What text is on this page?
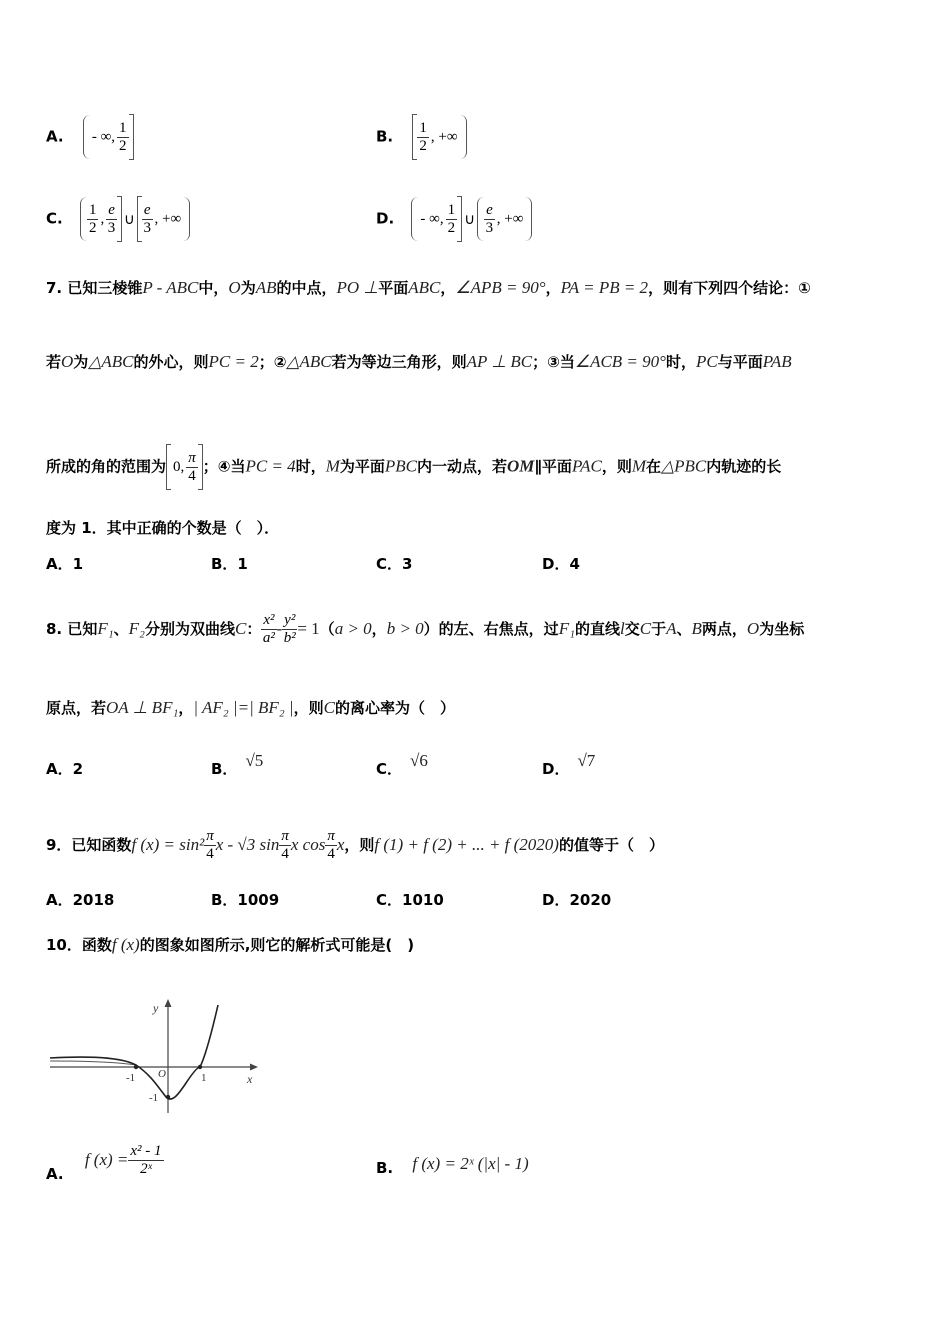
A. - ∞, $\frac{1}{2}$	B. $\frac{1}{2}$ , +∞
C. $\frac{1}{2}$ , $\frac{e}{3}$ ∪ $\frac{e}{3}$ , +∞	D. - ∞, $\frac{1}{2}$ ∪ $\frac{e}{3}$ , +∞
7. 已知三棱锥P - ABC中，O为AB的中点，PO ⊥平面ABC，∠APB = 90°，PA = PB = 2，则有下列四个结论：①
若O为△ABC的外心，则PC = 2；②△ABC若为等边三角形，则AP ⊥ BC；③当∠ACB = 90°时，PC与平面PAB
所成的角的范围为 0, $\frac{\pi}{4}$ ；④当PC = 4时，M为平面PBC内一动点，若OM∥平面PAC，则M在△PBC内轨迹的长
度为 1．其中正确的个数是（　）．
A．1	B．1	C．3	D．4
8. 已知F₁、F₂分别为双曲线C： $\frac{\text{x²}}{\text{a²}} - \frac{\text{y²}}{\text{b²}} = 1(a > 0$，b > 0）的左、右焦点，过F₁的直线l交C于A、B两点，O为坐标
原点，若OA ⊥ BF₁，| AF₂ |=| BF₂ |，则C的离心率为（　）
A．2	B． √5	C． √6	D． √7
9．已知函数f $(x) = \sin^2 \frac{\pi}{4}$ x - √3 $\sin \frac{\pi}{4}$ x $\cos \frac{\pi}{4}$ x，则f (1) + f (2) + ... + f (2020)的值等于（　）
A．2018	B．1009	C．1010	D．2020
10．函数f (x)的图象如图所示,则它的解析式可能是(　)
y
x
O
-1	1
-1
A. f $(x) = \frac{\text{x² - 1}}{\text{2ˣ}}$	B. f (x) = 2ˣ (|x| - 1)
